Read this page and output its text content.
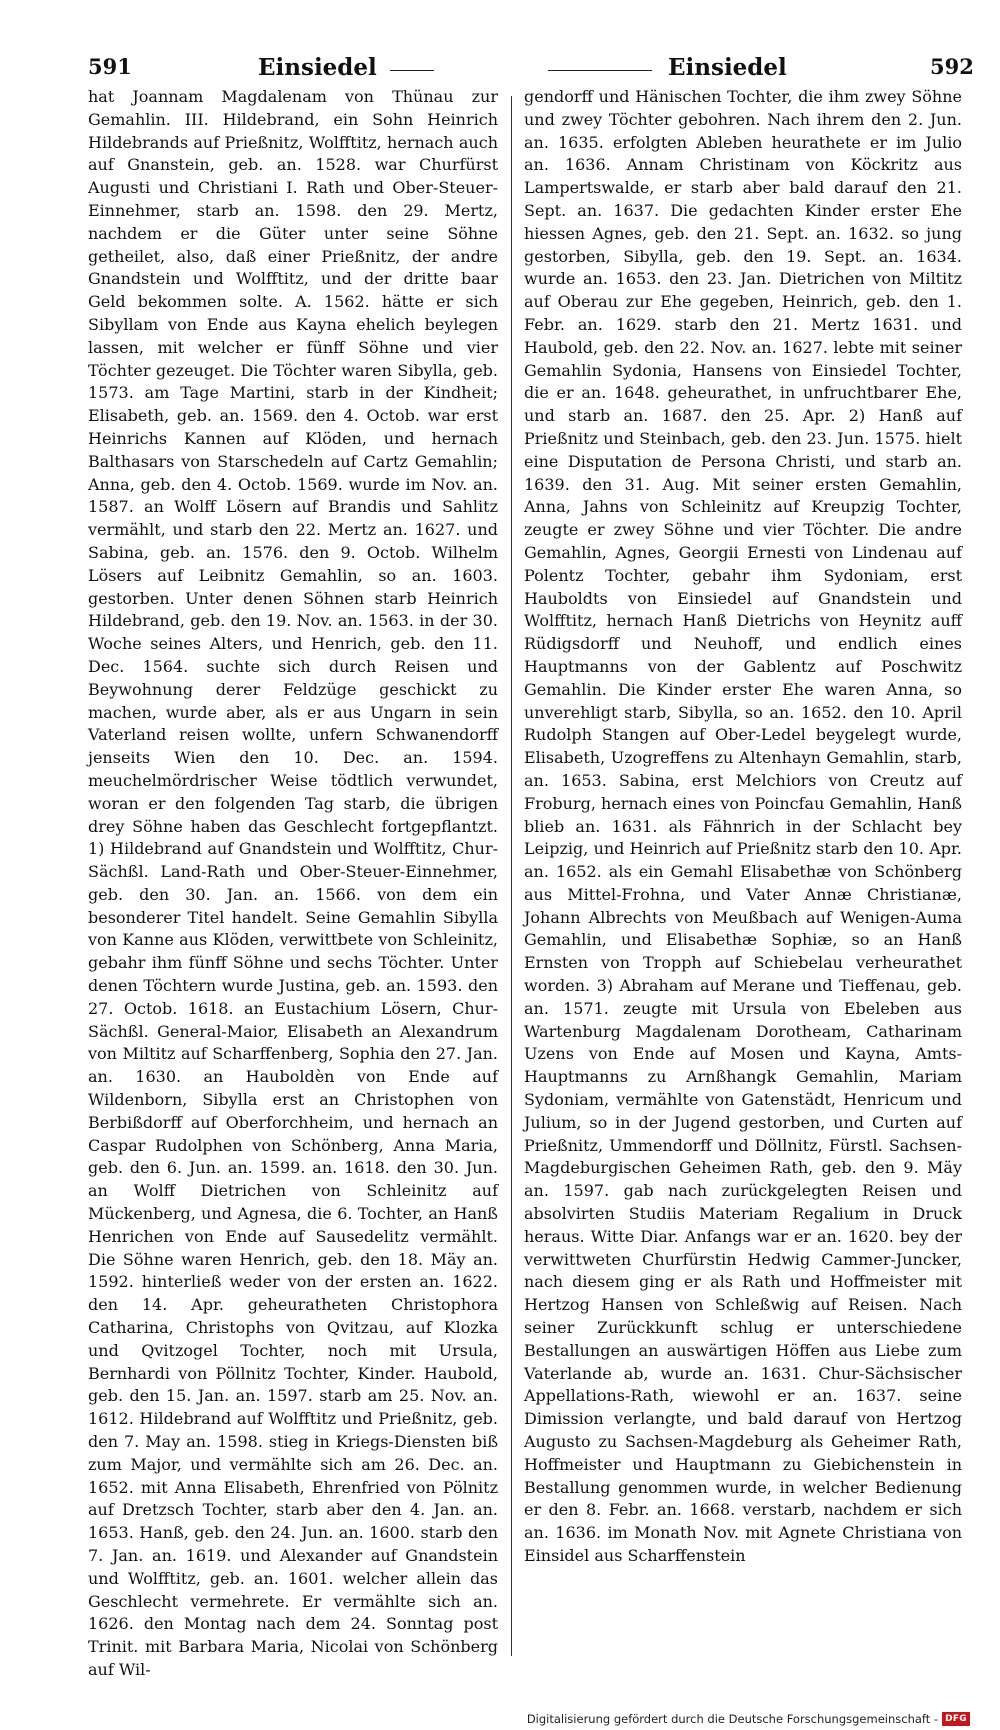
591	Einsiedel	Einsiedel	592

hat Joannam Magdalenam von Thünau zur Gemahlin. III. Hildebrand, ein Sohn Heinrich Hildebrands auf Prießnitz, Wolfftitz, hernach auch auf Gnanstein, geb. an. 1528. war Churfürst Augusti und Christiani I. Rath und Ober-Steuer-Einnehmer, starb an. 1598. den 29. Mertz, nachdem er die Güter unter seine Söhne getheilet, also, daß einer Prießnitz, der andre Gnandstein und Wolfftitz, und der dritte baar Geld bekommen solte. A. 1562. hätte er sich Sibyllam von Ende aus Kayna ehelich beylegen lassen, mit welcher er fünff Söhne und vier Töchter gezeuget. Die Töchter waren Sibylla, geb. 1573. am Tage Martini, starb in der Kindheit; Elisabeth, geb. an. 1569. den 4. Octob. war erst Heinrichs Kannen auf Klöden, und hernach Balthasars von Starschedeln auf Cartz Gemahlin; Anna, geb. den 4. Octob. 1569. wurde im Nov. an. 1587. an Wolff Lösern auf Brandis und Sahlitz vermählt, und starb den 22. Mertz an. 1627. und Sabina, geb. an. 1576. den 9. Octob. Wilhelm Lösers auf Leibnitz Gemahlin, so an. 1603. gestorben. Unter denen Söhnen starb Heinrich Hildebrand, geb. den 19. Nov. an. 1563. in der 30. Woche seines Alters, und Henrich, geb. den 11. Dec. 1564. suchte sich durch Reisen und Beywohnung derer Feldzüge geschickt zu machen, wurde aber, als er aus Ungarn in sein Vaterland reisen wollte, unfern Schwanendorff jenseits Wien den 10. Dec. an. 1594. meuchelmördrischer Weise tödtlich verwundet, woran er den folgenden Tag starb, die übrigen drey Söhne haben das Geschlecht fortgepflantzt. 1) Hildebrand auf Gnandstein und Wolfftitz, Chur-Sächßl. Land-Rath und Ober-Steuer-Einnehmer, geb. den 30. Jan. an. 1566. von dem ein besonderer Titel handelt. Seine Gemahlin Sibylla von Kanne aus Klöden, verwittbete von Schleinitz, gebahr ihm fünff Söhne und sechs Töchter. Unter denen Töchtern wurde Justina, geb. an. 1593. den 27. Octob. 1618. an Eustachium Lösern, Chur-Sächßl. General-Maior, Elisabeth an Alexandrum von Miltitz auf Scharffenberg, Sophia den 27. Jan. an. 1630. an Hauboldèn von Ende auf Wildenborn, Sibylla erst an Christophen von Berbißdorff auf Oberforchheim, und hernach an Caspar Rudolphen von Schönberg, Anna Maria, geb. den 6. Jun. an. 1599. an. 1618. den 30. Jun. an Wolff Dietrichen von Schleinitz auf Mückenberg, und Agnesa, die 6. Tochter, an Hanß Henrichen von Ende auf Sausedelitz vermählt. Die Söhne waren Henrich, geb. den 18. Mäy an. 1592. hinterließ weder von der ersten an. 1622. den 14. Apr. geheuratheten Christophora Catharina, Christophs von Qvitzau, auf Klozka und Qvitzogel Tochter, noch mit Ursula, Bernhardi von Pöllnitz Tochter, Kinder. Haubold, geb. den 15. Jan. an. 1597. starb am 25. Nov. an. 1612. Hildebrand auf Wolfftitz und Prießnitz, geb. den 7. May an. 1598. stieg in Kriegs-Diensten biß zum Major, und vermählte sich am 26. Dec. an. 1652. mit Anna Elisabeth, Ehrenfried von Pölnitz auf Dretzsch Tochter, starb aber den 4. Jan. an. 1653. Hanß, geb. den 24. Jun. an. 1600. starb den 7. Jan. an. 1619. und Alexander auf Gnandstein und Wolfftitz, geb. an. 1601. welcher allein das Geschlecht vermehrete. Er vermählte sich an. 1626. den Montag nach dem 24. Sonntag post Trinit. mit Barbara Maria, Nicolai von Schönberg auf Wil-

gendorff und Hänischen Tochter, die ihm zwey Söhne und zwey Töchter gebohren. Nach ihrem den 2. Jun. an. 1635. erfolgten Ableben heurathete er im Julio an. 1636. Annam Christinam von Köckritz aus Lampertswalde, er starb aber bald darauf den 21. Sept. an. 1637. Die gedachten Kinder erster Ehe hiessen Agnes, geb. den 21. Sept. an. 1632. so jung gestorben, Sibylla, geb. den 19. Sept. an. 1634. wurde an. 1653. den 23. Jan. Dietrichen von Miltitz auf Oberau zur Ehe gegeben, Heinrich, geb. den 1. Febr. an. 1629. starb den 21. Mertz 1631. und Haubold, geb. den 22. Nov. an. 1627. lebte mit seiner Gemahlin Sydonia, Hansens von Einsiedel Tochter, die er an. 1648. geheurathet, in unfruchtbarer Ehe, und starb an. 1687. den 25. Apr. 2) Hanß auf Prießnitz und Steinbach, geb. den 23. Jun. 1575. hielt eine Disputation de Persona Christi, und starb an. 1639. den 31. Aug. Mit seiner ersten Gemahlin, Anna, Jahns von Schleinitz auf Kreupzig Tochter, zeugte er zwey Söhne und vier Töchter. Die andre Gemahlin, Agnes, Georgii Ernesti von Lindenau auf Polentz Tochter, gebahr ihm Sydoniam, erst Hauboldts von Einsiedel auf Gnandstein und Wolfftitz, hernach Hanß Dietrichs von Heynitz auff Rüdigsdorff und Neuhoff, und endlich eines Hauptmanns von der Gablentz auf Poschwitz Gemahlin. Die Kinder erster Ehe waren Anna, so unverehligt starb, Sibylla, so an. 1652. den 10. April Rudolph Stangen auf Ober-Ledel beygelegt wurde, Elisabeth, Uzogreffens zu Altenhayn Gemahlin, starb, an. 1653. Sabina, erst Melchiors von Creutz auf Froburg, hernach eines von Poincfau Gemahlin, Hanß blieb an. 1631. als Fähnrich in der Schlacht bey Leipzig, und Heinrich auf Prießnitz starb den 10. Apr. an. 1652. als ein Gemahl Elisabethæ von Schönberg aus Mittel-Frohna, und Vater Annæ Christianæ, Johann Albrechts von Meußbach auf Wenigen-Auma Gemahlin, und Elisabethæ Sophiæ, so an Hanß Ernsten von Tropph auf Schiebelau verheurathet worden. 3) Abraham auf Merane und Tieffenau, geb. an. 1571. zeugte mit Ursula von Ebeleben aus Wartenburg Magdalenam Dorotheam, Catharinam Uzens von Ende auf Mosen und Kayna, Amts-Hauptmanns zu Arnßhangk Gemahlin, Mariam Sydoniam, vermählte von Gatenstädt, Henricum und Julium, so in der Jugend gestorben, und Curten auf Prießnitz, Ummendorff und Döllnitz, Fürstl. Sachsen-Magdeburgischen Geheimen Rath, geb. den 9. Mäy an. 1597. gab nach zurückgelegten Reisen und absolvirten Studiis Materiam Regalium in Druck heraus. Witte Diar. Anfangs war er an. 1620. bey der verwittweten Churfürstin Hedwig Cammer-Juncker, nach diesem ging er als Rath und Hoffmeister mit Hertzog Hansen von Schleßwig auf Reisen. Nach seiner Zurückkunft schlug er unterschiedene Bestallungen an auswärtigen Höffen aus Liebe zum Vaterlande ab, wurde an. 1631. Chur-Sächsischer Appellations-Rath, wiewohl er an. 1637. seine Dimission verlangte, und bald darauf von Hertzog Augusto zu Sachsen-Magdeburg als Geheimer Rath, Hoffmeister und Hauptmann zu Giebichenstein in Bestallung genommen wurde, in welcher Bedienung er den 8. Febr. an. 1668. verstarb, nachdem er sich an. 1636. im Monath Nov. mit Agnete Christiana von Einsidel aus Scharffenstein

Digitalisierung gefördert durch die Deutsche Forschungsgemeinschaft - DFG
